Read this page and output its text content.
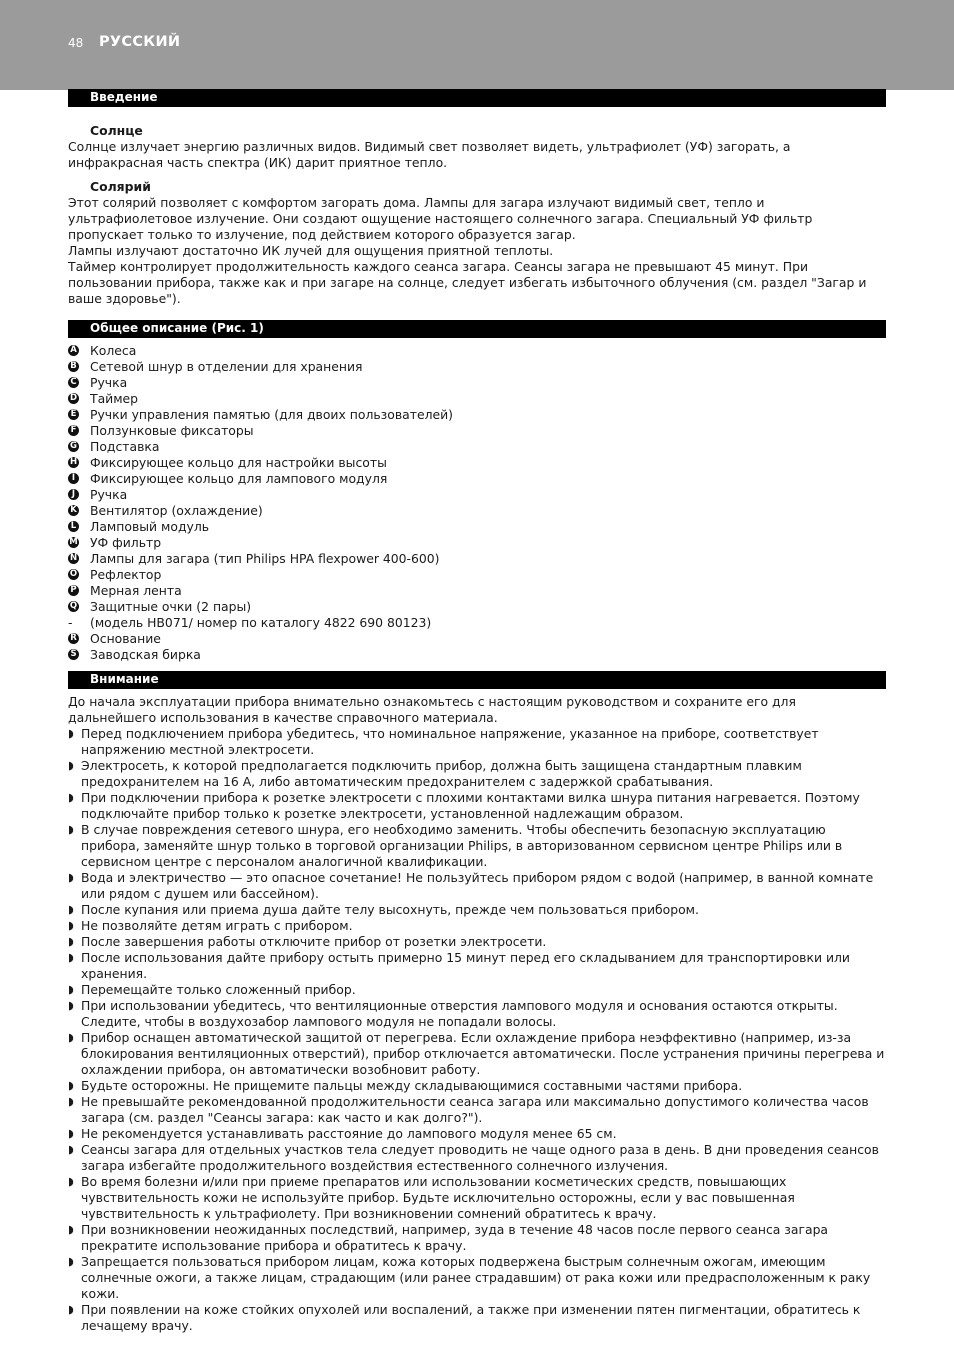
48 РУССКИЙ
Введение
Солнце

Солнце излучает энергию различных видов. Видимый свет позволяет видеть, ультрафиолет (УФ) загорать, а инфракрасная часть спектра (ИК) дарит приятное тепло.

Солярий

Этот солярий позволяет с комфортом загорать дома. Лампы для загара излучают видимый свет, тепло и ультрафиолетовое излучение. Они создают ощущение настоящего солнечного загара. Специальный УФ фильтр пропускает только то излучение, под действием которого образуется загар.

Лампы излучают достаточно ИК лучей для ощущения приятной теплоты.

Таймер контролирует продолжительность каждого сеанса загара. Сеансы загара не превышают 45 минут. При пользовании прибора, также как и при загаре на солнце, следует избегать избыточного облучения (см. раздел "Загар и ваше здоровье").

Общее описание (Рис. 1)
A Колеса
B Сетевой шнур в отделении для хранения
C Ручка
D Таймер
E Ручки управления памятью (для двоих пользователей)
F Ползунковые фиксаторы
G Подставка
H Фиксирующее кольцо для настройки высоты
I	Фиксирующее кольцо для лампового модуля
J	Ручка
K Вентилятор (охлаждение)
L Ламповый модуль
M УФ фильтр
N Лампы для загара (тип Philips HPA flexpower 400-600)
O Рефлектор
P Мерная лента
Q Защитные очки (2 пары)
-	(модель HB071/ номер по каталогу 4822 690 80123)
R Основание
S Заводская бирка
Внимание

До начала эксплуатации прибора внимательно ознакомьтесь с настоящим руководством и сохраните его для дальнейшего использования в качестве справочного материала.

◗ Перед подключением прибора убедитесь, что номинальное напряжение, указанное на приборе, соответствует напряжению местной электросети.
◗ Электросеть, к которой предполагается подключить прибор, должна быть защищена стандартным плавким предохранителем на 16 А, либо автоматическим предохранителем с задержкой срабатывания.
◗ При подключении прибора к розетке электросети с плохими контактами вилка шнура питания нагревается. Поэтому подключайте прибор только к розетке электросети, установленной надлежащим образом.
◗ В случае повреждения сетевого шнура, его необходимо заменить. Чтобы обеспечить безопасную эксплуатацию прибора, заменяйте шнур только в торговой организации Philips, в авторизованном сервисном центре Philips или в сервисном центре с персоналом аналогичной квалификации.
◗ Вода и электричество — это опасное сочетание! Не пользуйтесь прибором рядом с водой (например, в ванной комнате или рядом с душем или бассейном).
◗ После купания или приема душа дайте телу высохнуть, прежде чем пользоваться прибором.
◗ Не позволяйте детям играть с прибором.
◗ После завершения работы отключите прибор от розетки электросети.
◗ После использования дайте прибору остыть примерно 15 минут перед его складыванием для транспортировки или хранения.
◗ Перемещайте только сложенный прибор.
◗ При использовании убедитесь, что вентиляционные отверстия лампового модуля и основания остаются открыты. Следите, чтобы в воздухозабор лампового модуля не попадали волосы.
◗ Прибор оснащен автоматической защитой от перегрева. Если охлаждение прибора неэффективно (например, из-за блокирования вентиляционных отверстий), прибор отключается автоматически. После устранения причины перегрева и охлаждении прибора, он автоматически возобновит работу.
◗ Будьте осторожны. Не прищемите пальцы между складывающимися составными частями прибора.
◗ Не превышайте рекомендованной продолжительности сеанса загара или максимально допустимого количества часов загара (см. раздел "Сеансы загара: как часто и как долго?").
◗ Не рекомендуется устанавливать расстояние до лампового модуля менее 65 см.
◗ Сеансы загара для отдельных участков тела следует проводить не чаще одного раза в день. В дни проведения сеансов загара избегайте продолжительного воздействия естественного солнечного излучения.
◗ Во время болезни и/или при приеме препаратов или использовании косметических средств, повышающих чувствительность кожи не используйте прибор. Будьте исключительно осторожны, если у вас повышенная чувствительность к ультрафиолету. При возникновении сомнений обратитесь к врачу.
◗ При возникновении неожиданных последствий, например, зуда в течение 48 часов после первого сеанса загара прекратите использование прибора и обратитесь к врачу.
◗ Запрещается пользоваться прибором лицам, кожа которых подвержена быстрым солнечным ожогам, имеющим солнечные ожоги, а также лицам, страдающим (или ранее страдавшим) от рака кожи или предрасположенным к раку кожи.
◗ При появлении на коже стойких опухолей или воспалений, а также при изменении пятен пигментации, обратитесь к лечащему врачу.
